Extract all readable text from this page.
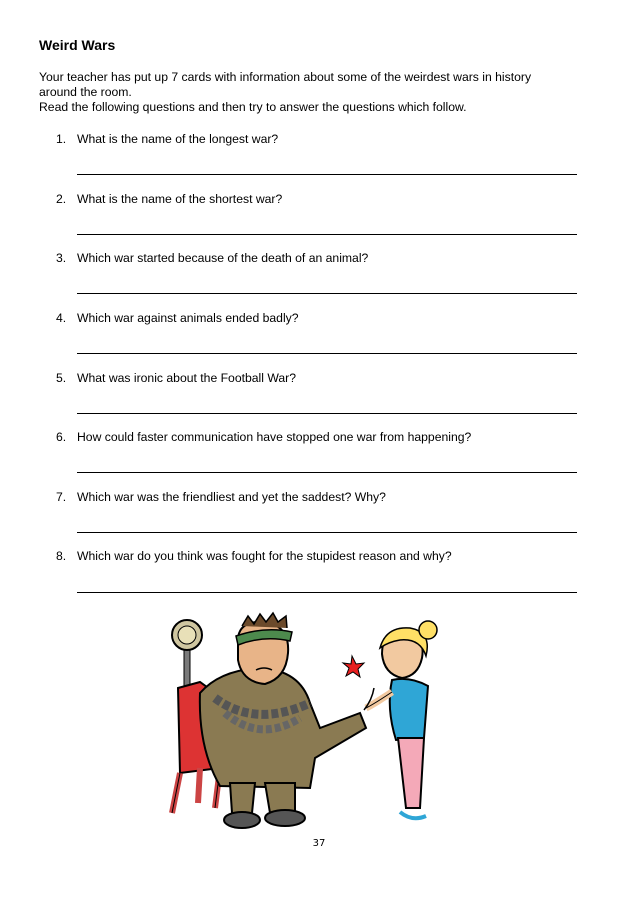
Weird Wars
Your teacher has put up 7 cards with information about some of the weirdest wars in history
around the room.
Read the following questions and then try to answer the questions which follow.
1. What is the name of the longest war?
2. What is the name of the shortest war?
3. Which war started because of the death of an animal?
4. Which war against animals ended badly?
5. What was ironic about the Football War?
6. How could faster communication have stopped one war from happening?
7. Which war was the friendliest and yet the saddest? Why?
8. Which war do you think was fought for the stupidest reason and why?
37
